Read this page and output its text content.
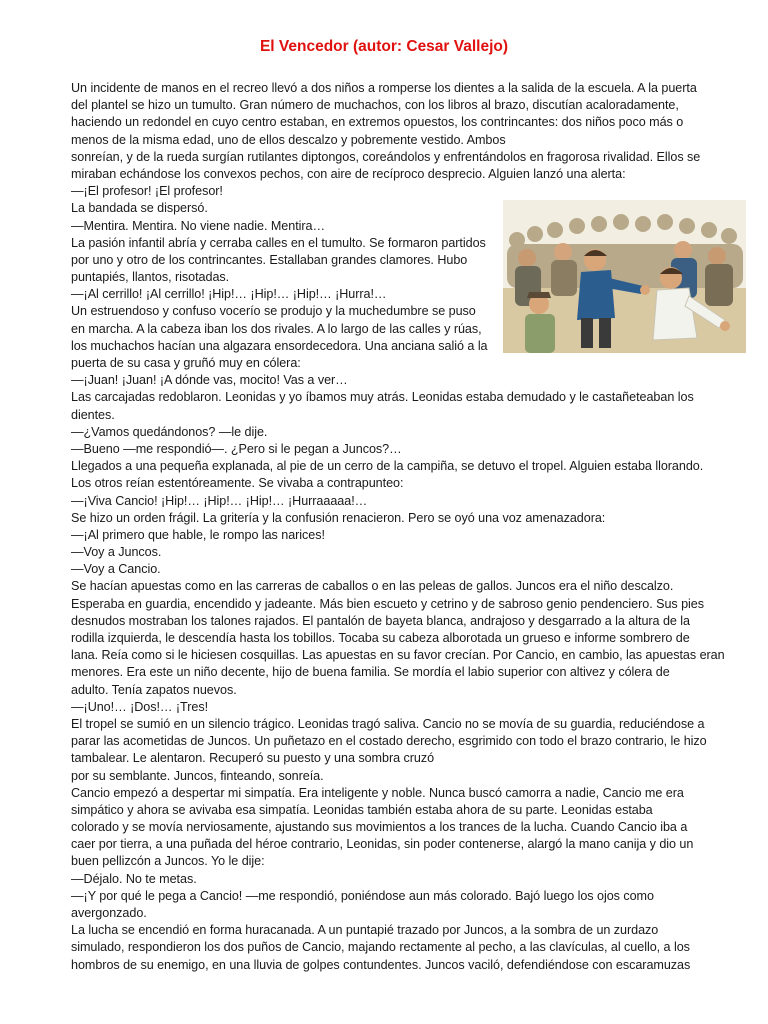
El Vencedor (autor: Cesar Vallejo)
Un incidente de manos en el recreo llevó a dos niños a romperse los dientes a la salida de la escuela. A la puerta
del plantel se hizo un tumulto. Gran número de muchachos, con los libros al brazo, discutían acaloradamente,
haciendo un redondel en cuyo centro estaban, en extremos opuestos, los contrincantes: dos niños poco más o
menos de la misma edad, uno de ellos descalzo y pobremente vestido. Ambos
sonreían, y de la rueda surgían rutilantes diptongos, coreándolos y enfrentándolos en fragorosa rivalidad. Ellos se
miraban echándose los convexos pechos, con aire de recíproco desprecio. Alguien lanzó una alerta:
—¡El profesor! ¡El profesor!
La bandada se dispersó.
—Mentira. Mentira. No viene nadie. Mentira…
La pasión infantil abría y cerraba calles en el tumulto. Se formaron partidos
por uno y otro de los contrincantes. Estallaban grandes clamores. Hubo
puntapiés, llantos, risotadas.
—¡Al cerrillo! ¡Al cerrillo! ¡Hip!… ¡Hip!… ¡Hip!… ¡Hurra!…
Un estruendoso y confuso vocerío se produjo y la muchedumbre se puso
en marcha. A la cabeza iban los dos rivales. A lo largo de las calles y rúas,
los muchachos hacían una algazara ensordecedora. Una anciana salió a la
puerta de su casa y gruñó muy en cólera:
—¡Juan! ¡Juan! ¡A dónde vas, mocito! Vas a ver…
Las carcajadas redoblaron. Leonidas y yo íbamos muy atrás. Leonidas estaba demudado y le castañeteaban los
dientes.
—¿Vamos quedándonos? —le dije.
—Bueno —me respondió—. ¿Pero si le pegan a Juncos?…
Llegados a una pequeña explanada, al pie de un cerro de la campiña, se detuvo el tropel. Alguien estaba llorando.
Los otros reían estentóreamente. Se vivaba a contrapunteo:
—¡Viva Cancio! ¡Hip!… ¡Hip!… ¡Hip!… ¡Hurraaaaa!…
Se hizo un orden frágil. La gritería y la confusión renacieron. Pero se oyó una voz amenazadora:
—¡Al primero que hable, le rompo las narices!
—Voy a Juncos.
—Voy a Cancio.
Se hacían apuestas como en las carreras de caballos o en las peleas de gallos. Juncos era el niño descalzo.
Esperaba en guardia, encendido y jadeante. Más bien escueto y cetrino y de sabroso genio pendenciero. Sus pies
desnudos mostraban los talones rajados. El pantalón de bayeta blanca, andrajoso y desgarrado a la altura de la
rodilla izquierda, le descendía hasta los tobillos. Tocaba su cabeza alborotada un grueso e informe sombrero de
lana. Reía como si le hiciesen cosquillas. Las apuestas en su favor crecían. Por Cancio, en cambio, las apuestas eran
menores. Era este un niño decente, hijo de buena familia. Se mordía el labio superior con altivez y cólera de
adulto. Tenía zapatos nuevos.
—¡Uno!… ¡Dos!… ¡Tres!
El tropel se sumió en un silencio trágico. Leonidas tragó saliva. Cancio no se movía de su guardia, reduciéndose a
parar las acometidas de Juncos. Un puñetazo en el costado derecho, esgrimido con todo el brazo contrario, le hizo
tambalear. Le alentaron. Recuperó su puesto y una sombra cruzó
por su semblante. Juncos, finteando, sonreía.
Cancio empezó a despertar mi simpatía. Era inteligente y noble. Nunca buscó camorra a nadie, Cancio me era
simpático y ahora se avivaba esa simpatía. Leonidas también estaba ahora de su parte. Leonidas estaba
colorado y se movía nerviosamente, ajustando sus movimientos a los trances de la lucha. Cuando Cancio iba a
caer por tierra, a una puñada del héroe contrario, Leonidas, sin poder contenerse, alargó la mano canija y dio un
buen pellizcón a Juncos. Yo le dije:
—Déjalo. No te metas.
—¡Y por qué le pega a Cancio! —me respondió, poniéndose aun más colorado. Bajó luego los ojos como
avergonzado.
La lucha se encendió en forma huracanada. A un puntapié trazado por Juncos, a la sombra de un zurdazo
simulado, respondieron los dos puños de Cancio, majando rectamente al pecho, a las clavículas, al cuello, a los
hombros de su enemigo, en una lluvia de golpes contundentes. Juncos vaciló, defendiéndose con escaramuzas
